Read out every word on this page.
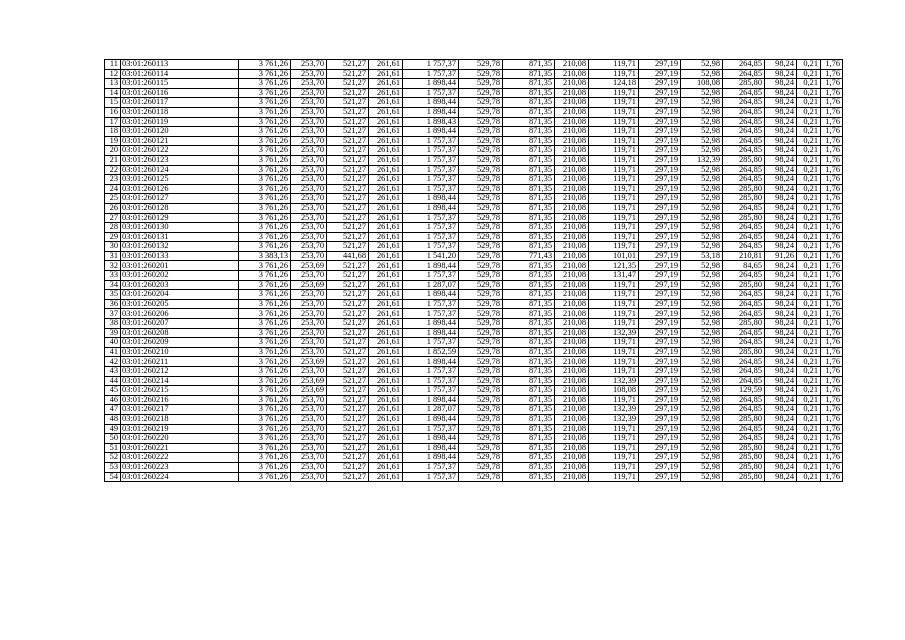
11	03:01:260113	3 761,26	253,70	521,27	261,61	1 757,37	529,78	871,35	210,08	119,71	297,19	52,98	264,85	98,24	0,21	1,76
12	03:01:260114	3 761,26	253,70	521,27	261,61	1 757,37	529,78	871,35	210,08	119,71	297,19	52,98	264,85	98,24	0,21	1,76
13	03:01:260115	3 761,26	253,70	521,27	261,61	1 898,44	529,78	871,35	210,08	124,18	297,19	108,08	285,80	98,24	0,21	1,76
14	03:01:260116	3 761,26	253,70	521,27	261,61	1 757,37	529,78	871,35	210,08	119,71	297,19	52,98	264,85	98,24	0,21	1,76
15	03:01:260117	3 761,26	253,70	521,27	261,61	1 898,44	529,78	871,35	210,08	119,71	297,19	52,98	264,85	98,24	0,21	1,76
16	03:01:260118	3 761,26	253,70	521,27	261,61	1 898,44	529,78	871,35	210,08	119,71	297,19	52,98	264,85	98,24	0,21	1,76
17	03:01:260119	3 761,26	253,70	521,27	261,61	1 898,43	529,78	871,35	210,08	119,71	297,19	52,98	264,85	98,24	0,21	1,76
18	03:01:260120	3 761,26	253,70	521,27	261,61	1 898,44	529,78	871,35	210,08	119,71	297,19	52,98	264,85	98,24	0,21	1,76
19	03:01:260121	3 761,26	253,70	521,27	261,61	1 757,37	529,78	871,35	210,08	119,71	297,19	52,98	264,85	98,24	0,21	1,76
20	03:01:260122	3 761,26	253,70	521,27	261,61	1 757,37	529,78	871,35	210,08	119,71	297,19	52,98	264,85	98,24	0,21	1,76
21	03:01:260123	3 761,26	253,70	521,27	261,61	1 757,37	529,78	871,35	210,08	119,71	297,19	132,39	285,80	98,24	0,21	1,76
22	03:01:260124	3 761,26	253,70	521,27	261,61	1 757,37	529,78	871,35	210,08	119,71	297,19	52,98	264,85	98,24	0,21	1,76
23	03:01:260125	3 761,26	253,70	521,27	261,61	1 757,37	529,78	871,35	210,08	119,71	297,19	52,98	264,85	98,24	0,21	1,76
24	03:01:260126	3 761,26	253,70	521,27	261,61	1 757,37	529,78	871,35	210,08	119,71	297,19	52,98	285,80	98,24	0,21	1,76
25	03:01:260127	3 761,26	253,70	521,27	261,61	1 898,44	529,78	871,35	210,08	119,71	297,19	52,98	285,80	98,24	0,21	1,76
26	03:01:260128	3 761,26	253,70	521,27	261,61	1 898,44	529,78	871,35	210,08	119,71	297,19	52,98	264,85	98,24	0,21	1,76
27	03:01:260129	3 761,26	253,70	521,27	261,61	1 757,37	529,78	871,35	210,08	119,71	297,19	52,98	285,80	98,24	0,21	1,76
28	03:01:260130	3 761,26	253,70	521,27	261,61	1 757,37	529,78	871,35	210,08	119,71	297,19	52,98	264,85	98,24	0,21	1,76
29	03:01:260131	3 761,26	253,70	521,27	261,61	1 757,37	529,78	871,35	210,08	119,71	297,19	52,98	264,85	98,24	0,21	1,76
30	03:01:260132	3 761,26	253,70	521,27	261,61	1 757,37	529,78	871,35	210,08	119,71	297,19	52,98	264,85	98,24	0,21	1,76
31	03:01:260133	3 383,13	253,70	441,68	261,61	1 541,20	529,78	771,43	210,08	101,01	297,19	53,18	210,81	91,26	0,21	1,76
32	03:01:260201	3 761,26	253,69	521,27	261,61	1 898,44	529,78	871,35	210,08	121,35	297,19	52,98	84,65	98,24	0,21	1,76
33	03:01:260202	3 761,26	253,70	521,27	261,61	1 757,37	529,78	871,35	210,08	131,47	297,19	52,98	264,85	98,24	0,21	1,76
34	03:01:260203	3 761,26	253,69	521,27	261,61	1 287,07	529,78	871,35	210,08	119,71	297,19	52,98	285,80	98,24	0,21	1,76
35	03:01:260204	3 761,26	253,70	521,27	261,61	1 898,44	529,78	871,35	210,08	119,71	297,19	52,98	264,85	98,24	0,21	1,76
36	03:01:260205	3 761,26	253,70	521,27	261,61	1 757,37	529,78	871,35	210,08	119,71	297,19	52,98	264,85	98,24	0,21	1,76
37	03:01:260206	3 761,26	253,70	521,27	261,61	1 757,37	529,78	871,35	210,08	119,71	297,19	52,98	264,85	98,24	0,21	1,76
38	03:01:260207	3 761,26	253,70	521,27	261,61	1 898,44	529,78	871,35	210,08	119,71	297,19	52,98	285,80	98,24	0,21	1,76
39	03:01:260208	3 761,26	253,70	521,27	261,61	1 898,44	529,78	871,35	210,08	132,39	297,19	52,98	264,85	98,24	0,21	1,76
40	03:01:260209	3 761,26	253,70	521,27	261,61	1 757,37	529,78	871,35	210,08	119,71	297,19	52,98	264,85	98,24	0,21	1,76
41	03:01:260210	3 761,26	253,70	521,27	261,61	1 852,59	529,78	871,35	210,08	119,71	297,19	52,98	285,80	98,24	0,21	1,76
42	03:01:260211	3 761,26	253,69	521,27	261,61	1 898,44	529,78	871,35	210,08	119,71	297,19	52,98	264,85	98,24	0,21	1,76
43	03:01:260212	3 761,26	253,70	521,27	261,61	1 757,37	529,78	871,35	210,08	119,71	297,19	52,98	264,85	98,24	0,21	1,76
44	03:01:260214	3 761,26	253,69	521,27	261,61	1 757,37	529,78	871,35	210,08	132,39	297,19	52,98	264,85	98,24	0,21	1,76
45	03:01:260215	3 761,26	253,69	521,27	261,61	1 757,37	529,78	871,35	210,08	108,08	297,19	52,98	129,59	98,24	0,21	1,76
46	03:01:260216	3 761,26	253,70	521,27	261,61	1 898,44	529,78	871,35	210,08	119,71	297,19	52,98	264,85	98,24	0,21	1,76
47	03:01:260217	3 761,26	253,70	521,27	261,61	1 287,07	529,78	871,35	210,08	132,39	297,19	52,98	264,85	98,24	0,21	1,76
48	03:01:260218	3 761,26	253,70	521,27	261,61	1 898,44	529,78	871,35	210,08	132,39	297,19	52,98	285,80	98,24	0,21	1,76
49	03:01:260219	3 761,26	253,70	521,27	261,61	1 757,37	529,78	871,35	210,08	119,71	297,19	52,98	264,85	98,24	0,21	1,76
50	03:01:260220	3 761,26	253,70	521,27	261,61	1 898,44	529,78	871,35	210,08	119,71	297,19	52,98	264,85	98,24	0,21	1,76
51	03:01:260221	3 761,26	253,70	521,27	261,61	1 898,44	529,78	871,35	210,08	119,71	297,19	52,98	285,80	98,24	0,21	1,76
52	03:01:260222	3 761,26	253,70	521,27	261,61	1 898,44	529,78	871,35	210,08	119,71	297,19	52,98	285,80	98,24	0,21	1,76
53	03:01:260223	3 761,26	253,70	521,27	261,61	1 757,37	529,78	871,35	210,08	119,71	297,19	52,98	285,80	98,24	0,21	1,76
54	03:01:260224	3 761,26	253,70	521,27	261,61	1 757,37	529,78	871,35	210,08	119,71	297,19	52,98	285,80	98,24	0,21	1,76
